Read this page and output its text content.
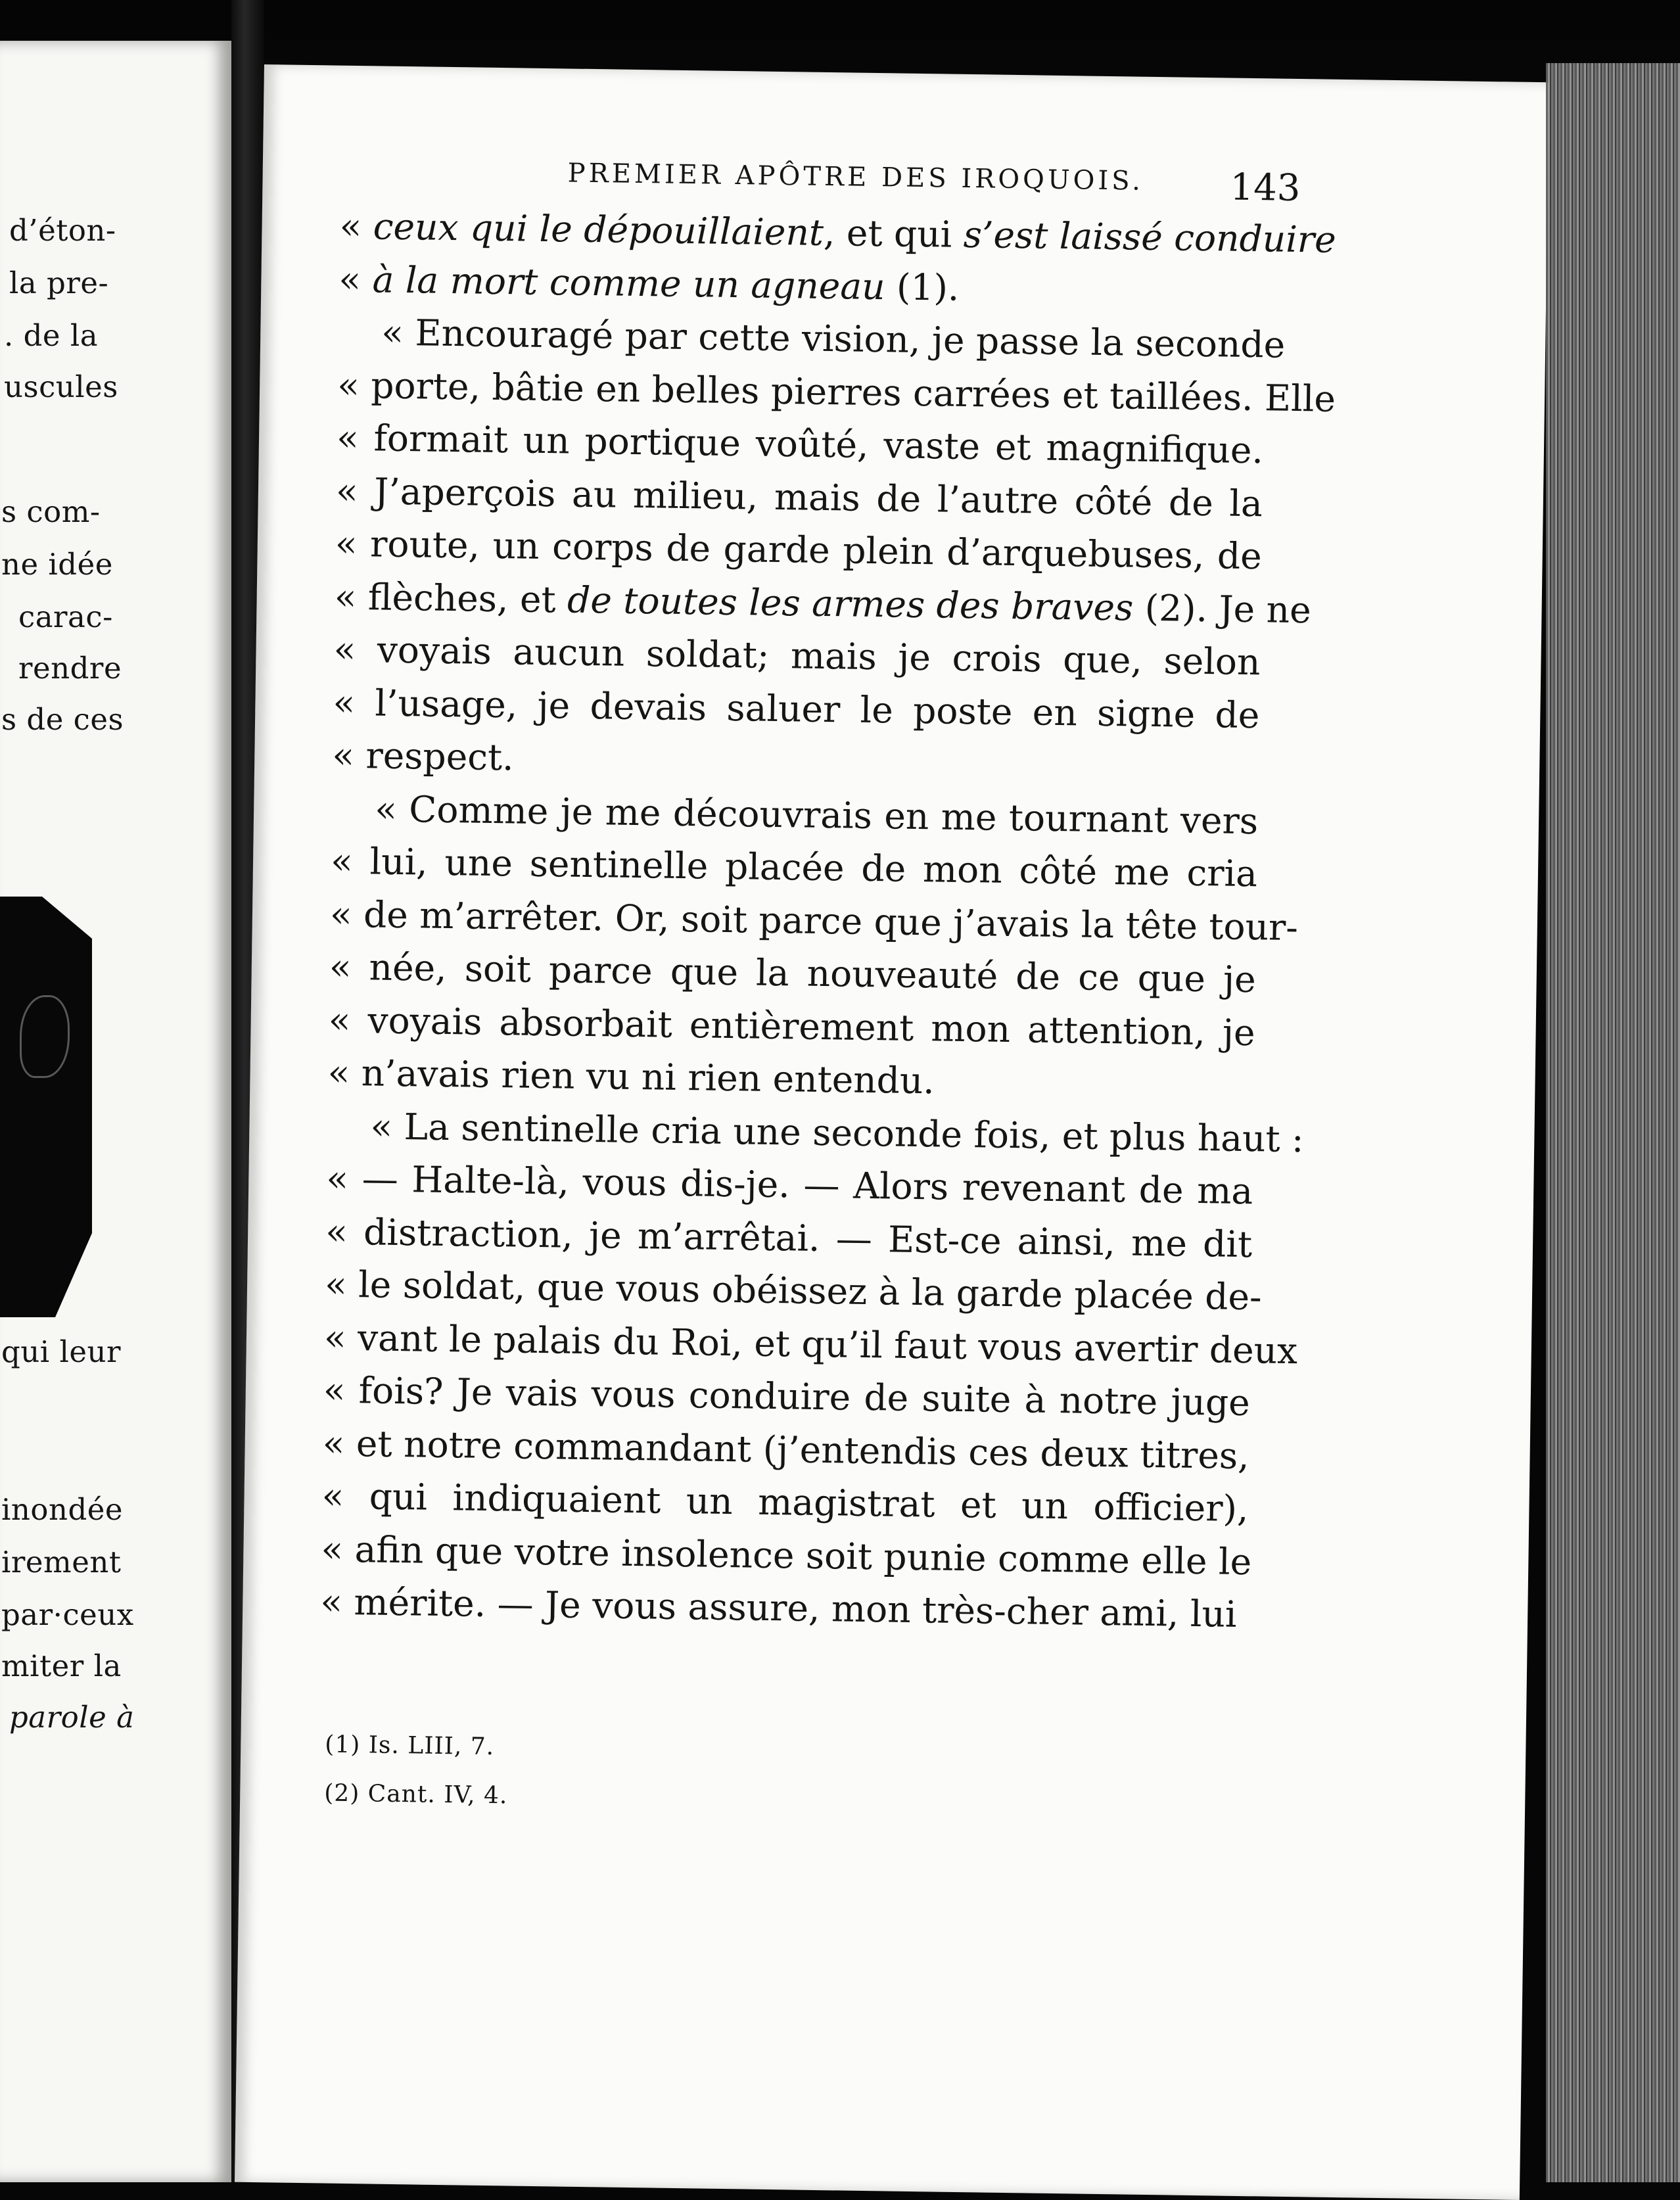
d’éton-
la pre-
. de la
uscules
s com-
ne idée
carac-
rendre
s de ces
qui leur
inondée
irement
par·ceux
miter la
parole à
PREMIER APÔTRE DES IROQUOIS. 143
« ceux qui le dépouillaient, et qui s’est laissé conduire
« à la mort comme un agneau (1).
« Encouragé par cette vision, je passe la seconde
« porte, bâtie en belles pierres carrées et taillées. Elle
« formait un portique voûté, vaste et magnifique.
« J’aperçois au milieu, mais de l’autre côté de la
« route, un corps de garde plein d’arquebuses, de
« flèches, et de toutes les armes des braves (2). Je ne
« voyais aucun soldat; mais je crois que, selon
« l’usage, je devais saluer le poste en signe de
« respect.
« Comme je me découvrais en me tournant vers
« lui, une sentinelle placée de mon côté me cria
« de m’arrêter. Or, soit parce que j’avais la tête tour-
« née, soit parce que la nouveauté de ce que je
« voyais absorbait entièrement mon attention, je
« n’avais rien vu ni rien entendu.
« La sentinelle cria une seconde fois, et plus haut :
« — Halte-là, vous dis-je. — Alors revenant de ma
« distraction, je m’arrêtai. — Est-ce ainsi, me dit
« le soldat, que vous obéissez à la garde placée de-
« vant le palais du Roi, et qu’il faut vous avertir deux
« fois? Je vais vous conduire de suite à notre juge
« et notre commandant (j’entendis ces deux titres,
« qui indiquaient un magistrat et un officier),
« afin que votre insolence soit punie comme elle le
« mérite. — Je vous assure, mon très-cher ami, lui
(1) Is. LIII, 7.
(2) Cant. IV, 4.
